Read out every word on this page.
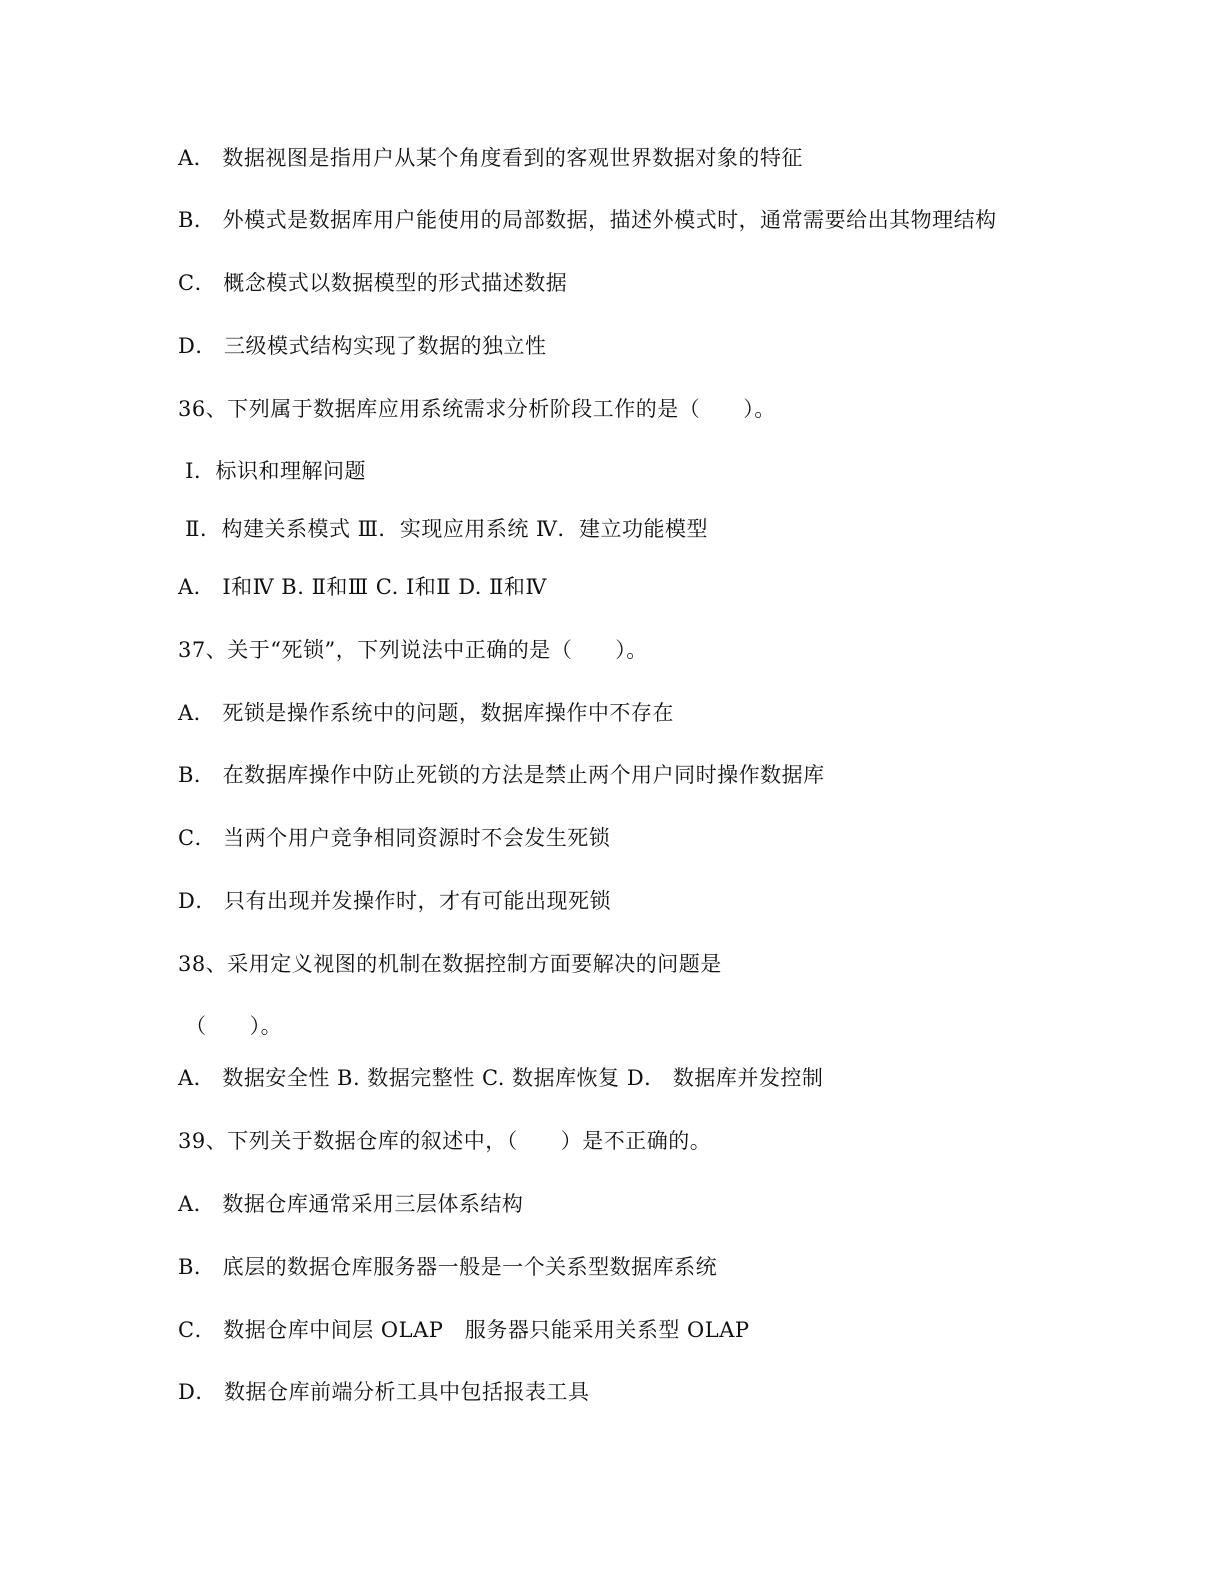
A． 数据视图是指用户从某个角度看到的客观世界数据对象的特征
B． 外模式是数据库用户能使用的局部数据，描述外模式时，通常需要给出其物理结构
C． 概念模式以数据模型的形式描述数据
D． 三级模式结构实现了数据的独立性
36、下列属于数据库应用系统需求分析阶段工作的是（　　）。
Ⅰ．标识和理解问题
Ⅱ．构建关系模式 Ⅲ．实现应用系统 Ⅳ．建立功能模型
A． Ⅰ和Ⅳ B. Ⅱ和Ⅲ C. Ⅰ和Ⅱ D. Ⅱ和Ⅳ
37、关于“死锁”，下列说法中正确的是（　　）。
A． 死锁是操作系统中的问题，数据库操作中不存在
B． 在数据库操作中防止死锁的方法是禁止两个用户同时操作数据库
C． 当两个用户竞争相同资源时不会发生死锁
D． 只有出现并发操作时，才有可能出现死锁
38、采用定义视图的机制在数据控制方面要解决的问题是
（　　）。
A． 数据安全性 B. 数据完整性 C. 数据库恢复 D． 数据库并发控制
39、下列关于数据仓库的叙述中，（　　）是不正确的。
A． 数据仓库通常采用三层体系结构
B． 底层的数据仓库服务器一般是一个关系型数据库系统
C． 数据仓库中间层 OLAP　服务器只能采用关系型 OLAP
D． 数据仓库前端分析工具中包括报表工具
